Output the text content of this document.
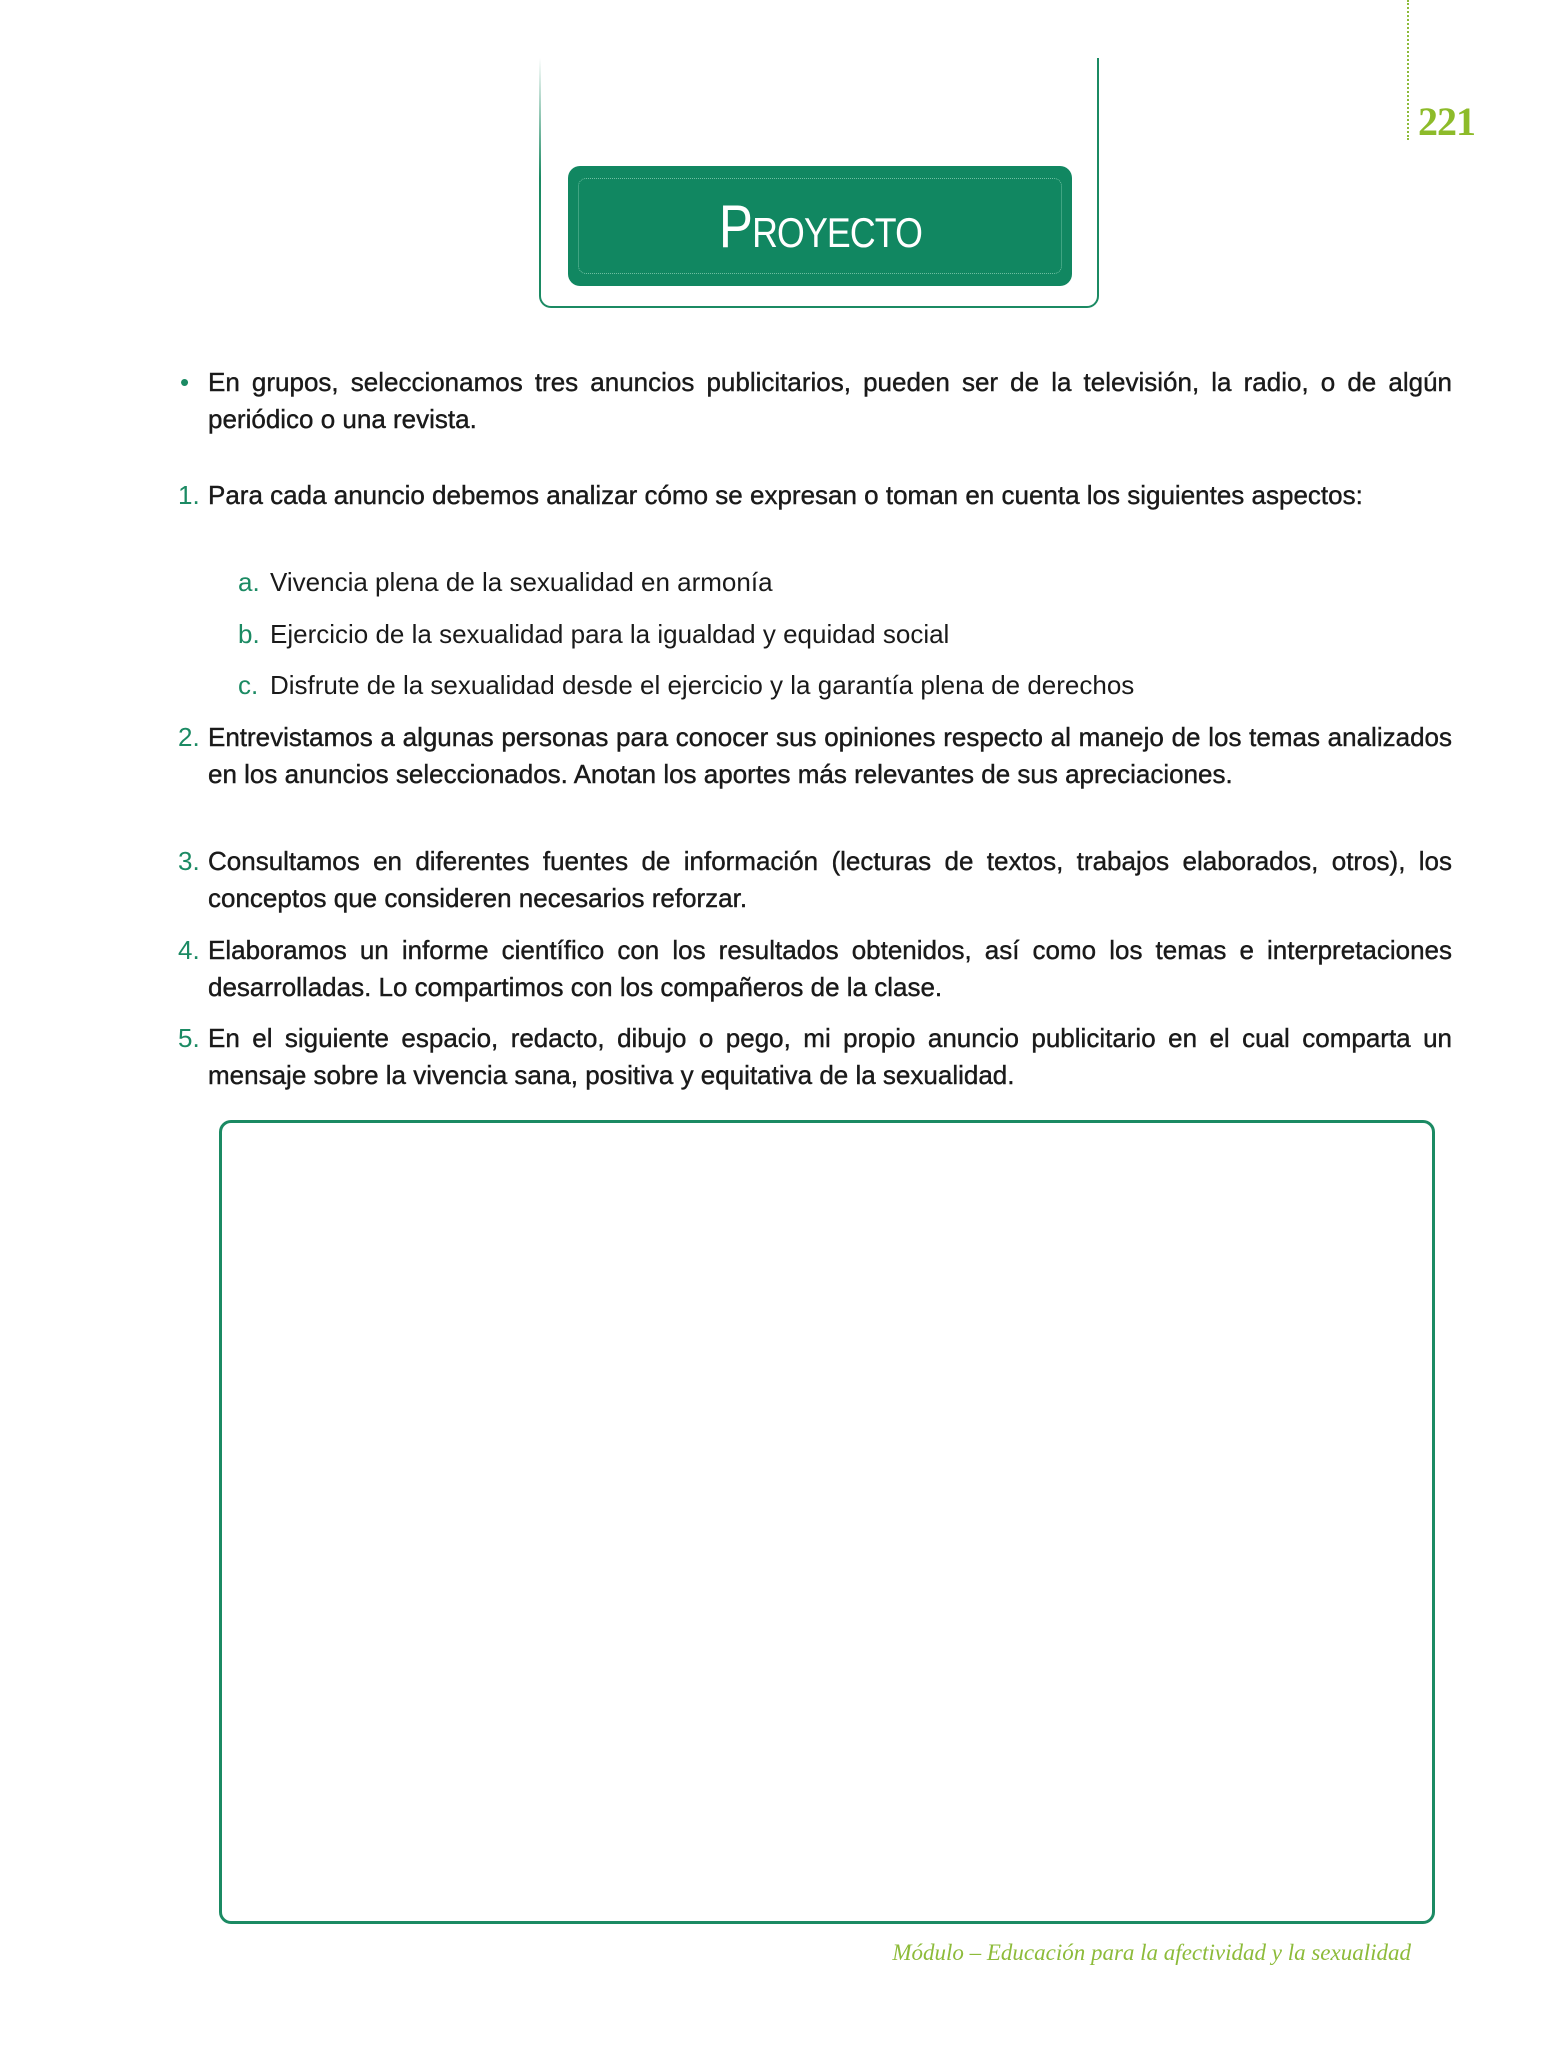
221
Proyecto
• En grupos, seleccionamos tres anuncios publicitarios, pueden ser de la televisión, la radio, o de algún periódico o una revista.
1. Para cada anuncio debemos analizar cómo se expresan o toman en cuenta los siguientes aspectos:
a. Vivencia plena de la sexualidad en armonía
b. Ejercicio de la sexualidad para la igualdad y equidad social
c. Disfrute de la sexualidad desde el ejercicio y la garantía plena de derechos
2. Entrevistamos a algunas personas para conocer sus opiniones respecto al manejo de los temas analizados en los anuncios seleccionados. Anotan los aportes más relevantes de sus apreciaciones.
3. Consultamos en diferentes fuentes de información (lecturas de textos, trabajos elaborados, otros), los conceptos que consideren necesarios reforzar.
4. Elaboramos un informe científico con los resultados obtenidos, así como los temas e interpretaciones desarrolladas. Lo compartimos con los compañeros de la clase.
5. En el siguiente espacio, redacto, dibujo o pego, mi propio anuncio publicitario en el cual comparta un mensaje sobre la vivencia sana, positiva y equitativa de la sexualidad.
Módulo – Educación para la afectividad y la sexualidad
